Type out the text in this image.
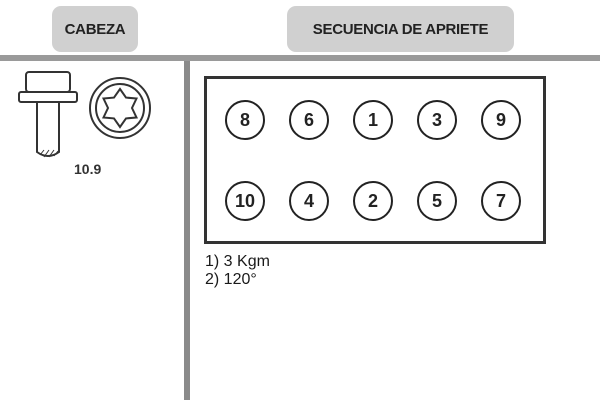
CABEZA	SECUENCIA DE APRIETE
10.9
8	6	1	3	9
10	4	2	5	7
1) 3 Kgm
2) 120°
